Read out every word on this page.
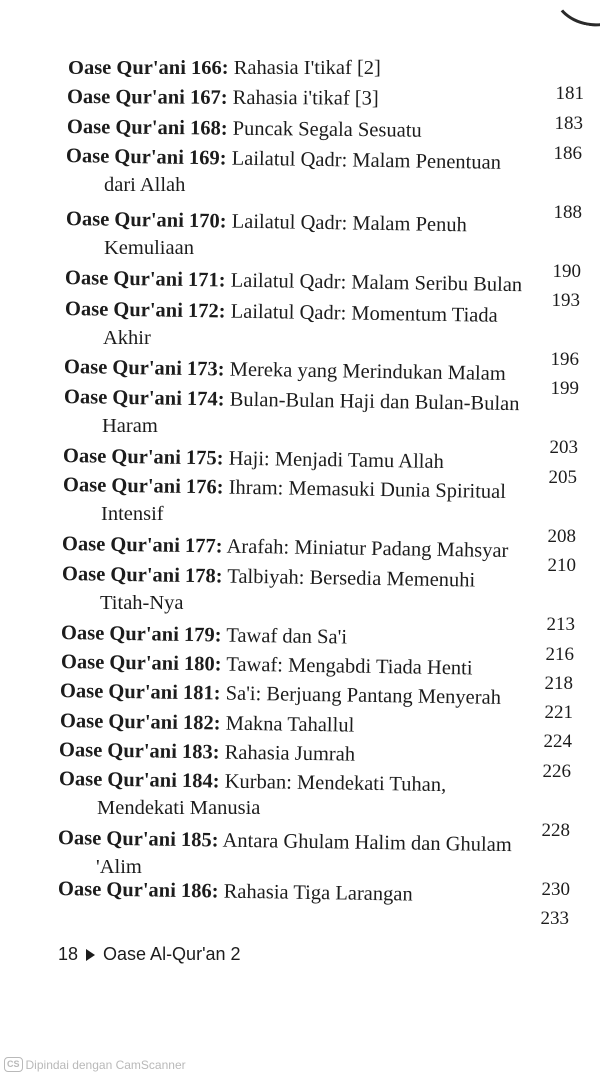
Oase Qur'ani 166: Rahasia I'tikaf [2]
Oase Qur'ani 167: Rahasia i'tikaf [3]
Oase Qur'ani 168: Puncak Segala Sesuatu
Oase Qur'ani 169: Lailatul Qadr: Malam Penentuan
dari Allah
Oase Qur'ani 170: Lailatul Qadr: Malam Penuh
Kemuliaan
Oase Qur'ani 171: Lailatul Qadr: Malam Seribu Bulan
Oase Qur'ani 172: Lailatul Qadr: Momentum Tiada
Akhir
Oase Qur'ani 173: Mereka yang Merindukan Malam
Oase Qur'ani 174: Bulan-Bulan Haji dan Bulan-Bulan
Haram
Oase Qur'ani 175: Haji: Menjadi Tamu Allah
Oase Qur'ani 176: Ihram: Memasuki Dunia Spiritual
Intensif
Oase Qur'ani 177: Arafah: Miniatur Padang Mahsyar
Oase Qur'ani 178: Talbiyah: Bersedia Memenuhi
Titah-Nya
Oase Qur'ani 179: Tawaf dan Sa'i
Oase Qur'ani 180: Tawaf: Mengabdi Tiada Henti
Oase Qur'ani 181: Sa'i: Berjuang Pantang Menyerah
Oase Qur'ani 182: Makna Tahallul
Oase Qur'ani 183: Rahasia Jumrah
Oase Qur'ani 184: Kurban: Mendekati Tuhan,
Mendekati Manusia
Oase Qur'ani 185: Antara Ghulam Halim dan Ghulam
'Alim
Oase Qur'ani 186: Rahasia Tiga Larangan
181
183
186
188
190
193
196
199
203
205
208
210
213
216
218
221
224
226
228
230
233
18 Oase Al-Qur'an 2
CS Dipindai dengan CamScanner
